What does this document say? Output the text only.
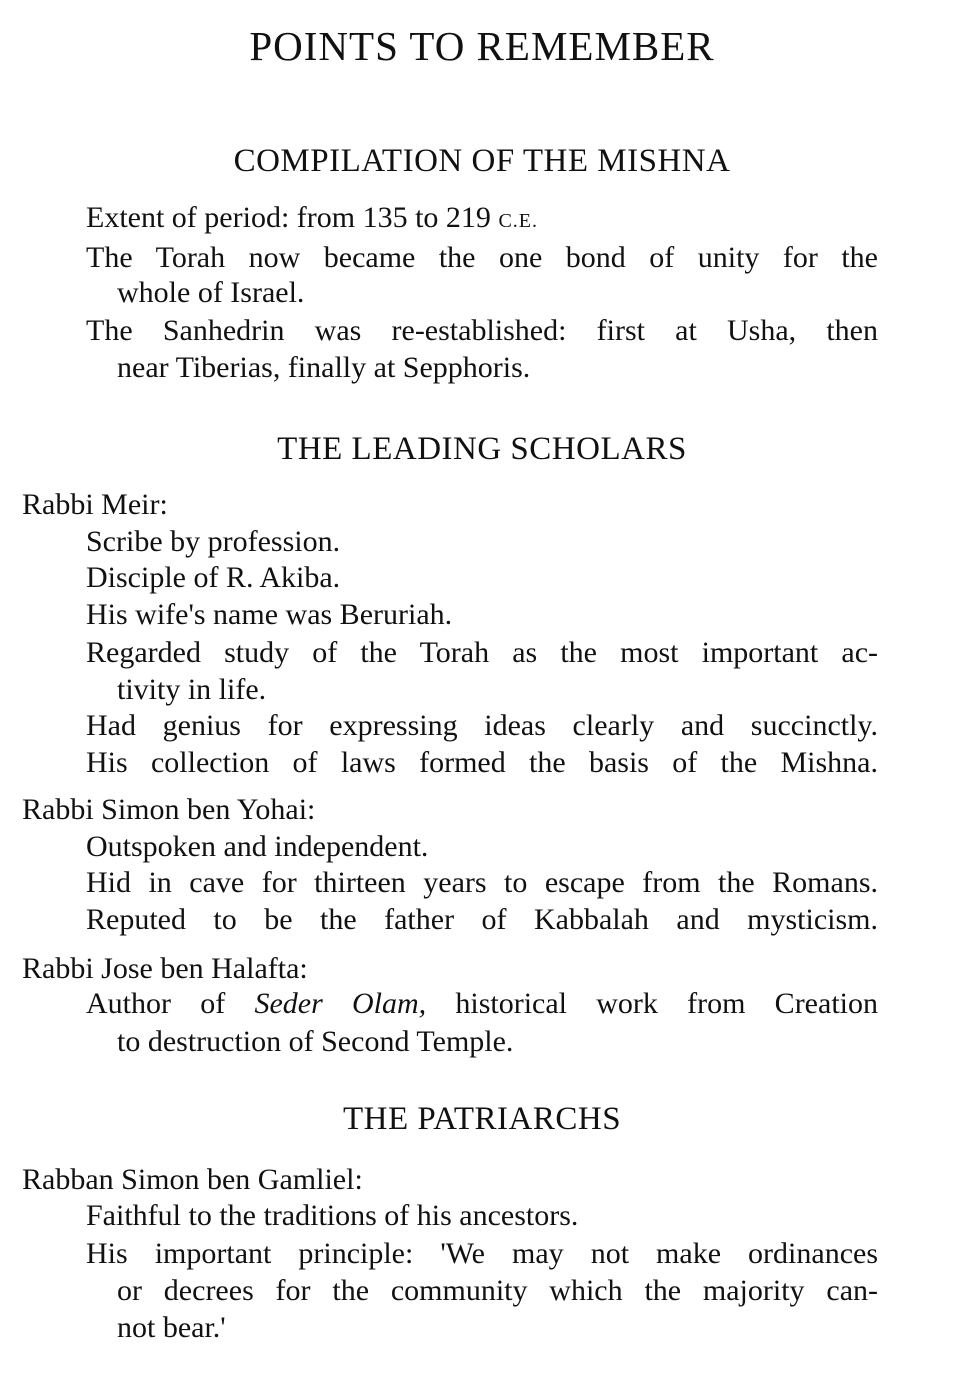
POINTS TO REMEMBER
COMPILATION OF THE MISHNA

Extent of period: from 135 to 219 C.E.

The Torah now became the one bond of unity for the

whole of Israel.

The Sanhedrin was re-established: first at Usha, then

near Tiberias, finally at Sepphoris.

THE LEADING SCHOLARS

Rabbi Meir:

Scribe by profession.

Disciple of R. Akiba.

His wife's name was Beruriah.

Regarded study of the Torah as the most important ac-

tivity in life.

Had genius for expressing ideas clearly and succinctly.

His collection of laws formed the basis of the Mishna.

Rabbi Simon ben Yohai:

Outspoken and independent.

Hid in cave for thirteen years to escape from the Romans.

Reputed to be the father of Kabbalah and mysticism.

Rabbi Jose ben Halafta:

Author of Seder Olam, historical work from Creation

to destruction of Second Temple.

THE PATRIARCHS

Rabban Simon ben Gamliel:

Faithful to the traditions of his ancestors.

His important principle: 'We may not make ordinances

or decrees for the community which the majority can-

not bear.'
